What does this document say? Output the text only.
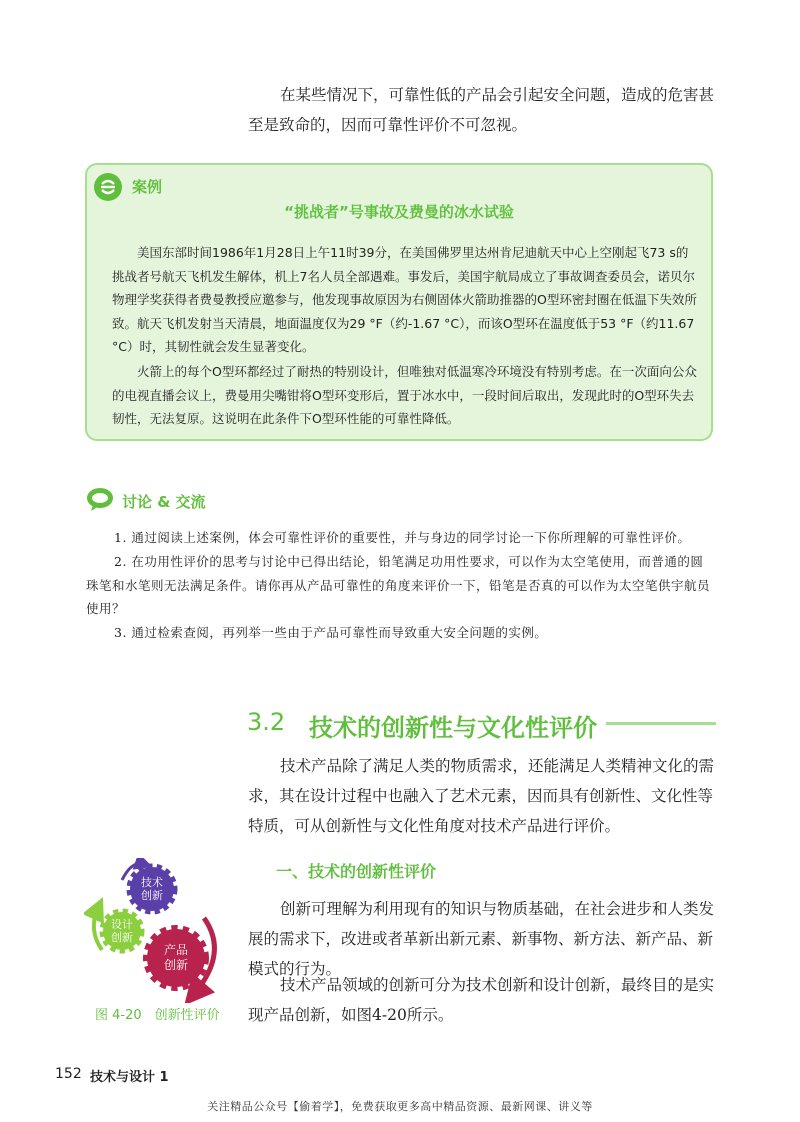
在某些情况下，可靠性低的产品会引起安全问题，造成的危害甚至是致命的，因而可靠性评价不可忽视。
案例
“挑战者”号事故及费曼的冰水试验
美国东部时间1986年1月28日上午11时39分，在美国佛罗里达州肯尼迪航天中心上空刚起飞73 s的挑战者号航天飞机发生解体，机上7名人员全部遇难。事发后，美国宇航局成立了事故调查委员会，诺贝尔物理学奖获得者费曼教授应邀参与，他发现事故原因为右侧固体火箭助推器的O型环密封圈在低温下失效所致。航天飞机发射当天清晨，地面温度仅为29 °F（约-1.67 °C），而该O型环在温度低于53 °F（约11.67 °C）时，其韧性就会发生显著变化。
火箭上的每个O型环都经过了耐热的特别设计，但唯独对低温寒冷环境没有特别考虑。在一次面向公众的电视直播会议上，费曼用尖嘴钳将O型环变形后，置于冰水中，一段时间后取出，发现此时的O型环失去韧性，无法复原。这说明在此条件下O型环性能的可靠性降低。
讨论 & 交流
1. 通过阅读上述案例，体会可靠性评价的重要性，并与身边的同学讨论一下你所理解的可靠性评价。
2. 在功用性评价的思考与讨论中已得出结论，铅笔满足功用性要求，可以作为太空笔使用，而普通的圆珠笔和水笔则无法满足条件。请你再从产品可靠性的角度来评价一下，铅笔是否真的可以作为太空笔供宇航员使用？
3. 通过检索查阅，再列举一些由于产品可靠性而导致重大安全问题的实例。
3.2 技术的创新性与文化性评价
技术产品除了满足人类的物质需求，还能满足人类精神文化的需求，其在设计过程中也融入了艺术元素，因而具有创新性、文化性等特质，可从创新性与文化性角度对技术产品进行评价。
一、技术的创新性评价
创新可理解为利用现有的知识与物质基础，在社会进步和人类发展的需求下，改进或者革新出新元素、新事物、新方法、新产品、新模式的行为。
技术产品领域的创新可分为技术创新和设计创新，最终目的是实现产品创新，如图4-20所示。
技术
创新
设计
创新
产品
创新
图 4-20　创新性评价
152 技术与设计 1
关注精品公众号【偷着学】，免费获取更多高中精品资源、最新网课、讲义等
